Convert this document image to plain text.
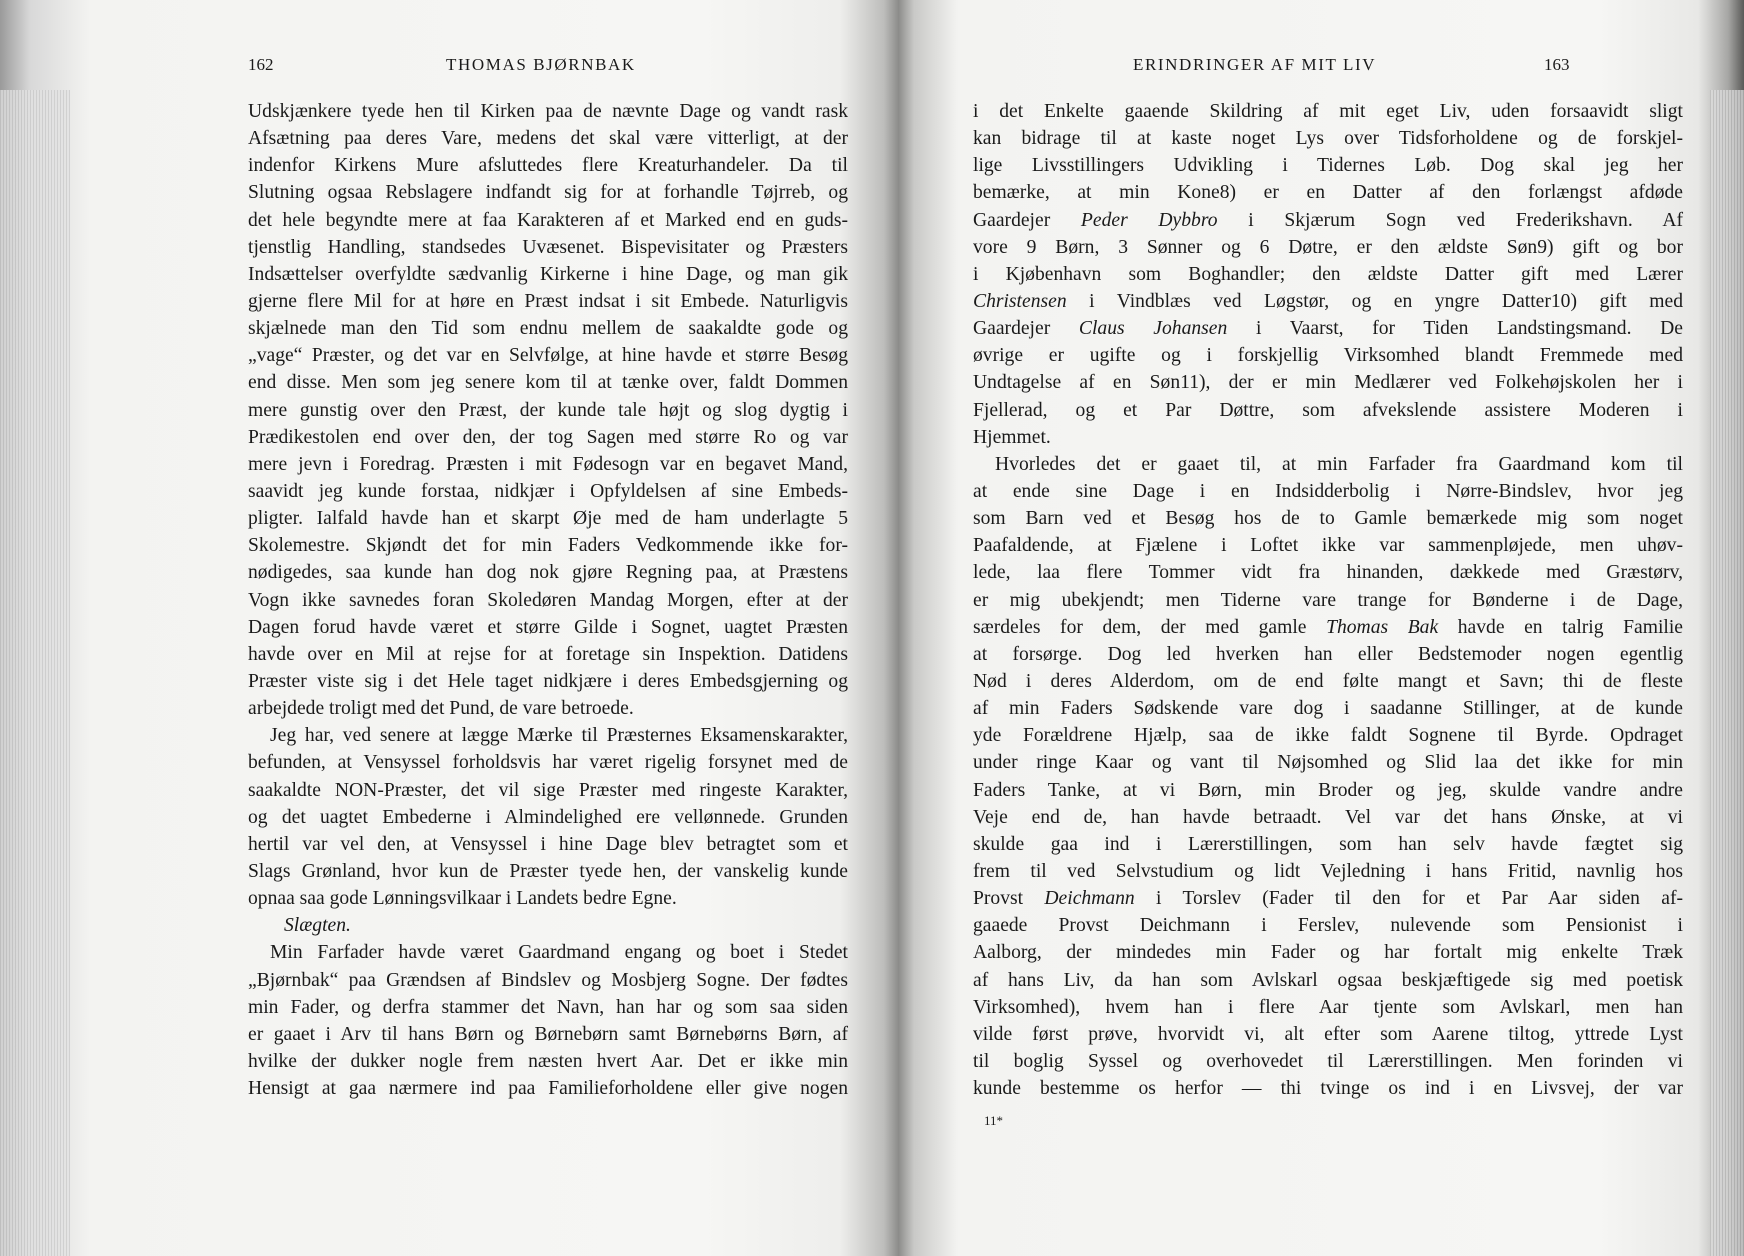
162	THOMAS BJØRNBAK
Udskjænkere tyede hen til Kirken paa de nævnte Dage og vandt rask
Afsætning paa deres Vare, medens det skal være vitterligt, at der
indenfor Kirkens Mure afsluttedes flere Kreaturhandeler. Da til
Slutning ogsaa Rebslagere indfandt sig for at forhandle Tøjrreb, og
det hele begyndte mere at faa Karakteren af et Marked end en guds-
tjenstlig Handling, standsedes Uvæsenet. Bispevisitater og Præsters
Indsættelser overfyldte sædvanlig Kirkerne i hine Dage, og man gik
gjerne flere Mil for at høre en Præst indsat i sit Embede. Naturligvis
skjælnede man den Tid som endnu mellem de saakaldte gode og
„vage“ Præster, og det var en Selvfølge, at hine havde et større Besøg
end disse. Men som jeg senere kom til at tænke over, faldt Dommen
mere gunstig over den Præst, der kunde tale højt og slog dygtig i
Prædikestolen end over den, der tog Sagen med større Ro og var
mere jevn i Foredrag. Præsten i mit Fødesogn var en begavet Mand,
saavidt jeg kunde forstaa, nidkjær i Opfyldelsen af sine Embeds-
pligter. Ialfald havde han et skarpt Øje med de ham underlagte 5
Skolemestre. Skjøndt det for min Faders Vedkommende ikke for-
nødigedes, saa kunde han dog nok gjøre Regning paa, at Præstens
Vogn ikke savnedes foran Skoledøren Mandag Morgen, efter at der
Dagen forud havde været et større Gilde i Sognet, uagtet Præsten
havde over en Mil at rejse for at foretage sin Inspektion. Datidens
Præster viste sig i det Hele taget nidkjære i deres Embedsgjerning og
arbejdede troligt med det Pund, de vare betroede.
Jeg har, ved senere at lægge Mærke til Præsternes Eksamenskarakter,
befunden, at Vensyssel forholdsvis har været rigelig forsynet med de
saakaldte NON-Præster, det vil sige Præster med ringeste Karakter,
og det uagtet Embederne i Almindelighed ere vellønnede. Grunden
hertil var vel den, at Vensyssel i hine Dage blev betragtet som et
Slags Grønland, hvor kun de Præster tyede hen, der vanskelig kunde
opnaa saa gode Lønningsvilkaar i Landets bedre Egne.
Slægten.
Min Farfader havde været Gaardmand engang og boet i Stedet
„Bjørnbak“ paa Grændsen af Bindslev og Mosbjerg Sogne. Der fødtes
min Fader, og derfra stammer det Navn, han har og som saa siden
er gaaet i Arv til hans Børn og Børnebørn samt Børnebørns Børn, af
hvilke der dukker nogle frem næsten hvert Aar. Det er ikke min
Hensigt at gaa nærmere ind paa Familieforholdene eller give nogen
ERINDRINGER AF MIT LIV	163
i det Enkelte gaaende Skildring af mit eget Liv, uden forsaavidt sligt
kan bidrage til at kaste noget Lys over Tidsforholdene og de forskjel-
lige Livsstillingers Udvikling i Tidernes Løb. Dog skal jeg her
bemærke, at min Kone8) er en Datter af den forlængst afdøde
Gaardejer Peder Dybbro i Skjærum Sogn ved Frederikshavn. Af
vore 9 Børn, 3 Sønner og 6 Døtre, er den ældste Søn9) gift og bor
i Kjøbenhavn som Boghandler; den ældste Datter gift med Lærer
Christensen i Vindblæs ved Løgstør, og en yngre Datter10) gift med
Gaardejer Claus Johansen i Vaarst, for Tiden Landstingsmand. De
øvrige er ugifte og i forskjellig Virksomhed blandt Fremmede med
Undtagelse af en Søn11), der er min Medlærer ved Folkehøjskolen her i
Fjellerad, og et Par Døttre, som afvekslende assistere Moderen i
Hjemmet.
Hvorledes det er gaaet til, at min Farfader fra Gaardmand kom til
at ende sine Dage i en Indsidderbolig i Nørre-Bindslev, hvor jeg
som Barn ved et Besøg hos de to Gamle bemærkede mig som noget
Paafaldende, at Fjælene i Loftet ikke var sammenpløjede, men uhøv-
lede, laa flere Tommer vidt fra hinanden, dækkede med Græstørv,
er mig ubekjendt; men Tiderne vare trange for Bønderne i de Dage,
særdeles for dem, der med gamle Thomas Bak havde en talrig Familie
at forsørge. Dog led hverken han eller Bedstemoder nogen egentlig
Nød i deres Alderdom, om de end følte mangt et Savn; thi de fleste
af min Faders Sødskende vare dog i saadanne Stillinger, at de kunde
yde Forældrene Hjælp, saa de ikke faldt Sognene til Byrde. Opdraget
under ringe Kaar og vant til Nøjsomhed og Slid laa det ikke for min
Faders Tanke, at vi Børn, min Broder og jeg, skulde vandre andre
Veje end de, han havde betraadt. Vel var det hans Ønske, at vi
skulde gaa ind i Lærerstillingen, som han selv havde fægtet sig
frem til ved Selvstudium og lidt Vejledning i hans Fritid, navnlig hos
Provst Deichmann i Torslev (Fader til den for et Par Aar siden af-
gaaede Provst Deichmann i Ferslev, nulevende som Pensionist i
Aalborg, der mindedes min Fader og har fortalt mig enkelte Træk
af hans Liv, da han som Avlskarl ogsaa beskjæftigede sig med poetisk
Virksomhed), hvem han i flere Aar tjente som Avlskarl, men han
vilde først prøve, hvorvidt vi, alt efter som Aarene tiltog, yttrede Lyst
til boglig Syssel og overhovedet til Lærerstillingen. Men forinden vi
kunde bestemme os herfor — thi tvinge os ind i en Livsvej, der var
11*
